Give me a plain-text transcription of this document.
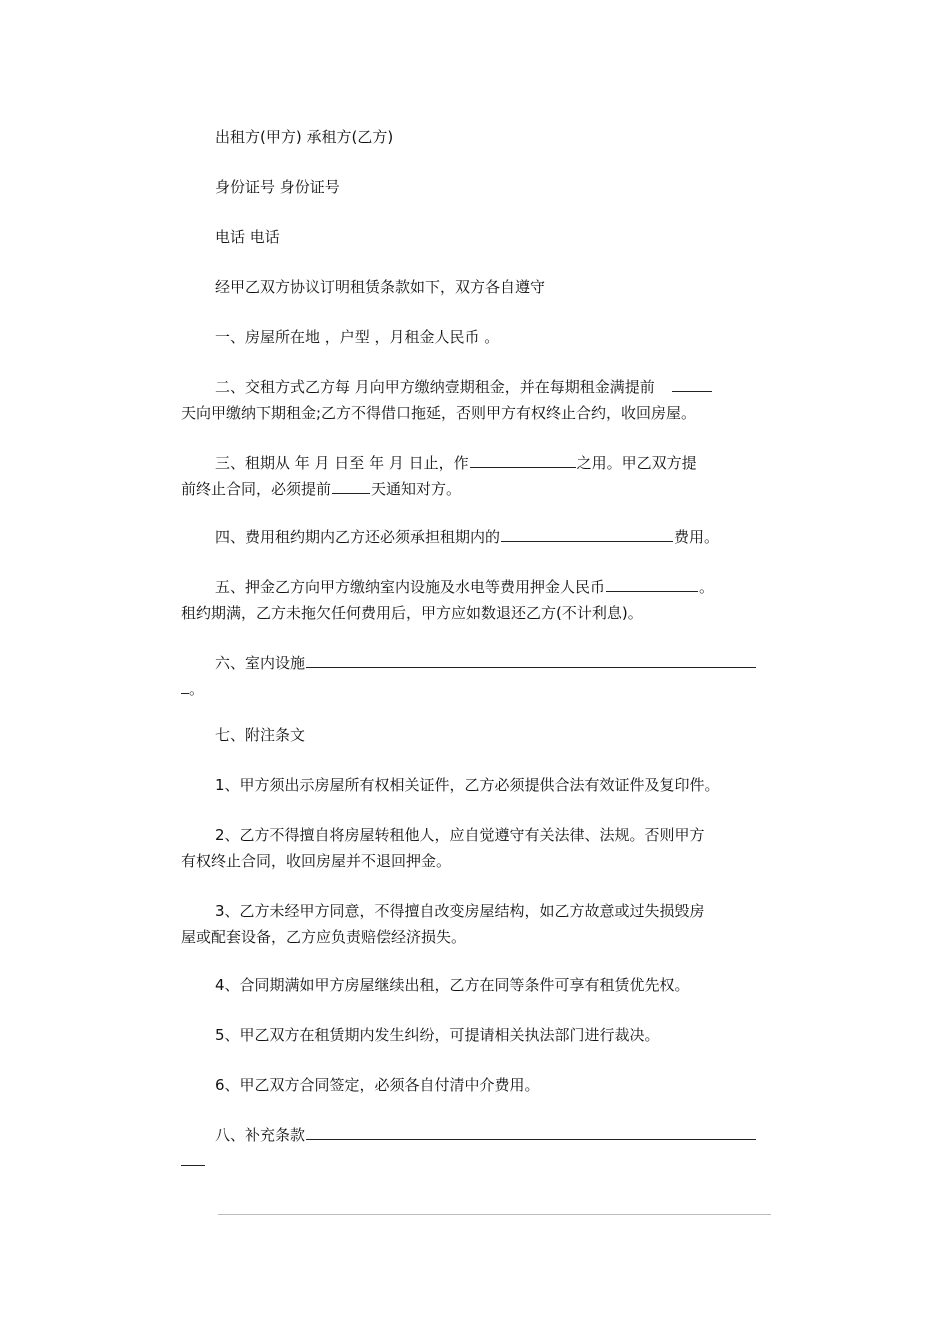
出租方(甲方) 承租方(乙方)
身份证号 身份证号
电话 电话
经甲乙双方协议订明租赁条款如下，双方各自遵守
一、房屋所在地 ，户型 ，月租金人民币 。
二、交租方式乙方每 月向甲方缴纳壹期租金，并在每期租金满提前
天向甲缴纳下期租金;乙方不得借口拖延，否则甲方有权终止合约，收回房屋。
三、租期从 年 月 日至 年 月 日止，作	之用。甲乙双方提
前终止合同，必须提前	天通知对方。
四、费用租约期内乙方还必须承担租期内的	费用。
五、押金乙方向甲方缴纳室内设施及水电等费用押金人民币	。
租约期满，乙方未拖欠任何费用后，甲方应如数退还乙方(不计利息)。
六、室内设施
。
七、附注条文
1、甲方须出示房屋所有权相关证件，乙方必须提供合法有效证件及复印件。
2、乙方不得擅自将房屋转租他人，应自觉遵守有关法律、法规。否则甲方
有权终止合同，收回房屋并不退回押金。
3、乙方未经甲方同意，不得擅自改变房屋结构，如乙方故意或过失损毁房
屋或配套设备，乙方应负责赔偿经济损失。
4、合同期满如甲方房屋继续出租，乙方在同等条件可享有租赁优先权。
5、甲乙双方在租赁期内发生纠纷，可提请相关执法部门进行裁决。
6、甲乙双方合同签定，必须各自付清中介费用。
八、补充条款
